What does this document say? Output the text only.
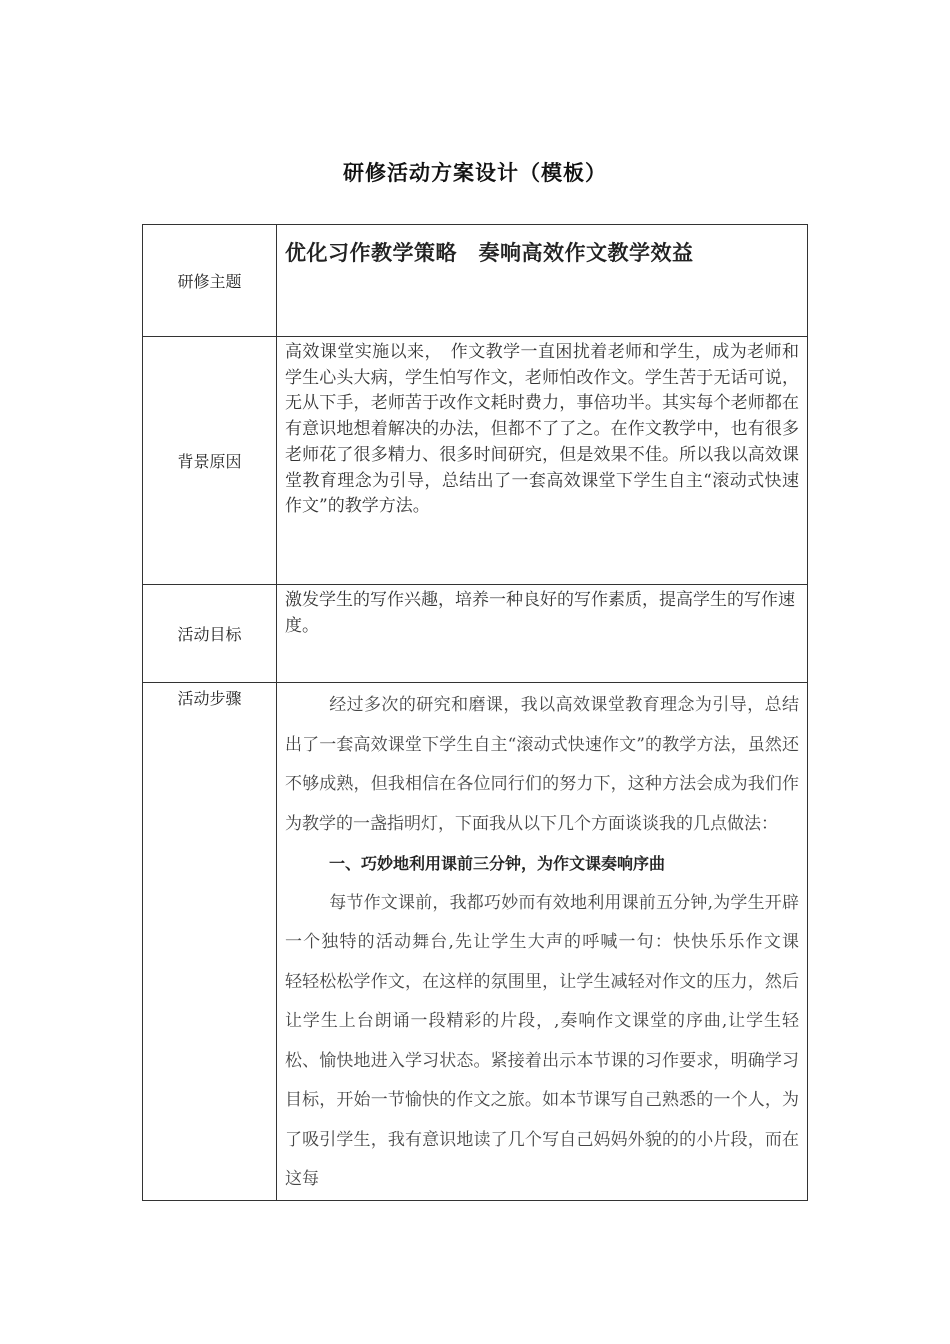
研修活动方案设计（模板）
研修主题	优化习作教学策略　奏响高效作文教学效益

背景原因	高效课堂实施以来，　作文教学一直困扰着老师和学生，成为老师和学生心头大病，学生怕写作文，老师怕改作文。学生苦于无话可说，无从下手，老师苦于改作文耗时费力，事倍功半。其实每个老师都在有意识地想着解决的办法，但都不了了之。在作文教学中，也有很多老师花了很多精力、很多时间研究，但是效果不佳。所以我以高效课堂教育理念为引导，总结出了一套高效课堂下学生自主“滚动式快速作文”的教学方法。

活动目标	激发学生的写作兴趣，培养一种良好的写作素质，提高学生的写作速度。

活动步骤	经过多次的研究和磨课，我以高效课堂教育理念为引导，总结出了一套高效课堂下学生自主“滚动式快速作文”的教学方法，虽然还不够成熟，但我相信在各位同行们的努力下，这种方法会成为我们作为教学的一盏指明灯，下面我从以下几个方面谈谈我的几点做法：

一、巧妙地利用课前三分钟，为作文课奏响序曲

每节作文课前，我都巧妙而有效地利用课前五分钟,为学生开辟一个独特的活动舞台,先让学生大声的呼喊一句：快快乐乐作文课　轻轻松松学作文，在这样的氛围里，让学生减轻对作文的压力，然后让学生上台朗诵一段精彩的片段，,奏响作文课堂的序曲,让学生轻松、愉快地进入学习状态。紧接着出示本节课的习作要求，明确学习目标，开始一节愉快的作文之旅。如本节课写自己熟悉的一个人，为了吸引学生，我有意识地读了几个写自己妈妈外貌的的小片段，而在这每
